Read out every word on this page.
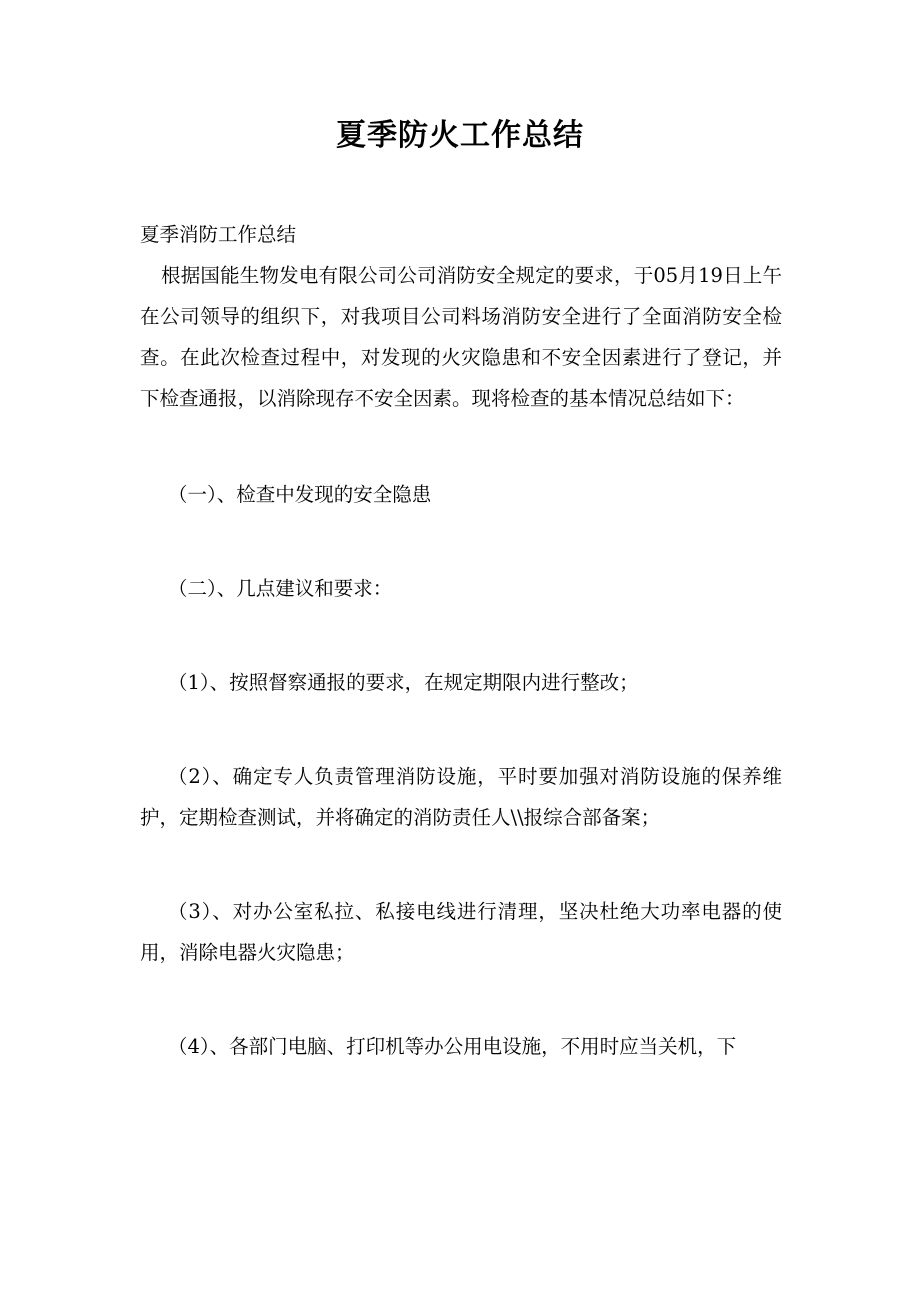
夏季防火工作总结

夏季消防工作总结

根据国能生物发电有限公司公司消防安全规定的要求，于05月19日上午在公司领导的组织下，对我项目公司料场消防安全进行了全面消防安全检查。在此次检查过程中，对发现的火灾隐患和不安全因素进行了登记，并下检查通报，以消除现存不安全因素。现将检查的基本情况总结如下：

（一）、检查中发现的安全隐患

（二）、几点建议和要求：

（1）、按照督察通报的要求，在规定期限内进行整改；

（2）、确定专人负责管理消防设施，平时要加强对消防设施的保养维护，定期检查测试，并将确定的消防责任人\\报综合部备案；

（3）、对办公室私拉、私接电线进行清理，坚决杜绝大功率电器的使用，消除电器火灾隐患；

（4）、各部门电脑、打印机等办公用电设施，不用时应当关机，下
